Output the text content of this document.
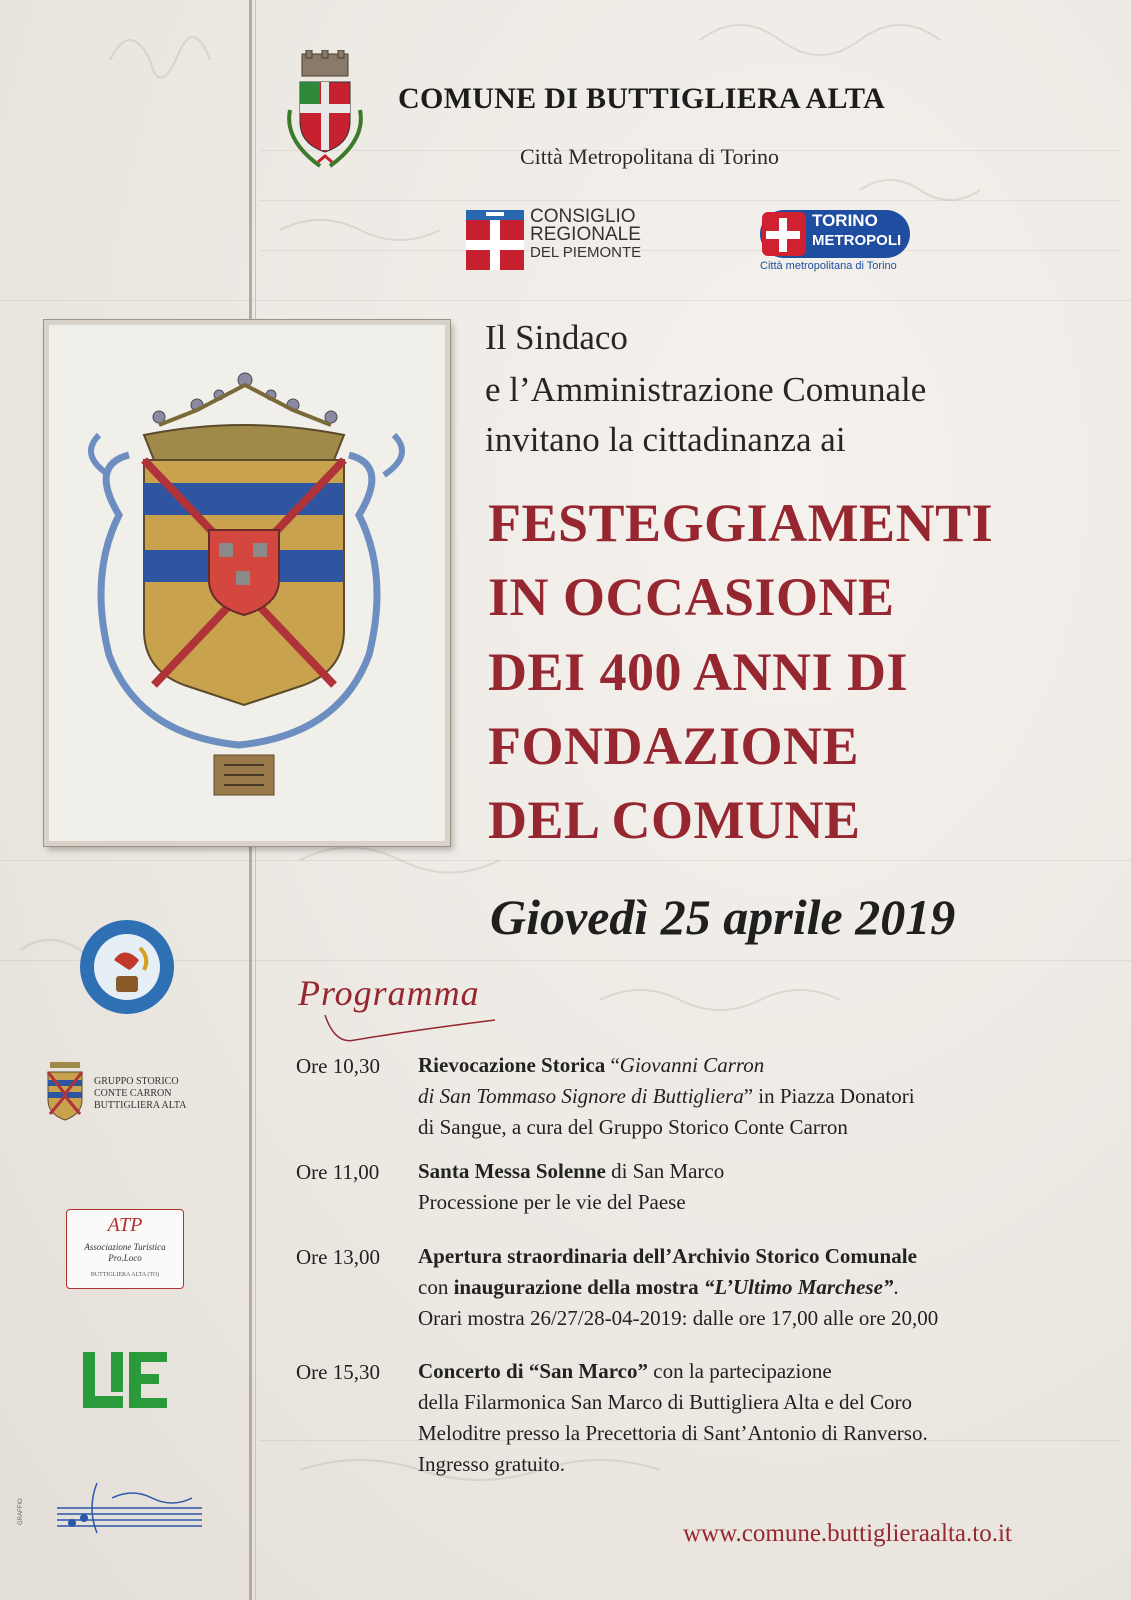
COMUNE DI BUTTIGLIERA ALTA
Città Metropolitana di Torino
CONSIGLIO
REGIONALE
DEL PIEMONTE
TORINO
METROPOLI
Città metropolitana di Torino
Il Sindaco
e l’Amministrazione Comunale
invitano la cittadinanza ai
FESTEGGIAMENTI
IN OCCASIONE
DEI 400 ANNI DI
FONDAZIONE
DEL COMUNE
Giovedì 25 aprile 2019
Programma
Ore 10,30 Rievocazione Storica “Giovanni Carron
di San Tommaso Signore di Buttigliera” in Piazza Donatori
di Sangue, a cura del Gruppo Storico Conte Carron
Ore 11,00 Santa Messa Solenne di San Marco
Processione per le vie del Paese
Ore 13,00 Apertura straordinaria dell’Archivio Storico Comunale
con inaugurazione della mostra “L’Ultimo Marchese”.
Orari mostra 26/27/28-04-2019: dalle ore 17,00 alle ore 20,00
Ore 15,30 Concerto di “San Marco” con la partecipazione
della Filarmonica San Marco di Buttigliera Alta e del Coro
Meloditre presso la Precettoria di Sant’Antonio di Ranverso.
Ingresso gratuito.
www.comune.buttiglieraalta.to.it
GRUPPO STORICO
CONTE CARRON
BUTTIGLIERA ALTA
ATP
Associazione Turistica
Pro.Loco
BUTTIGLIERA ALTA (TO)
GRAFFIO
